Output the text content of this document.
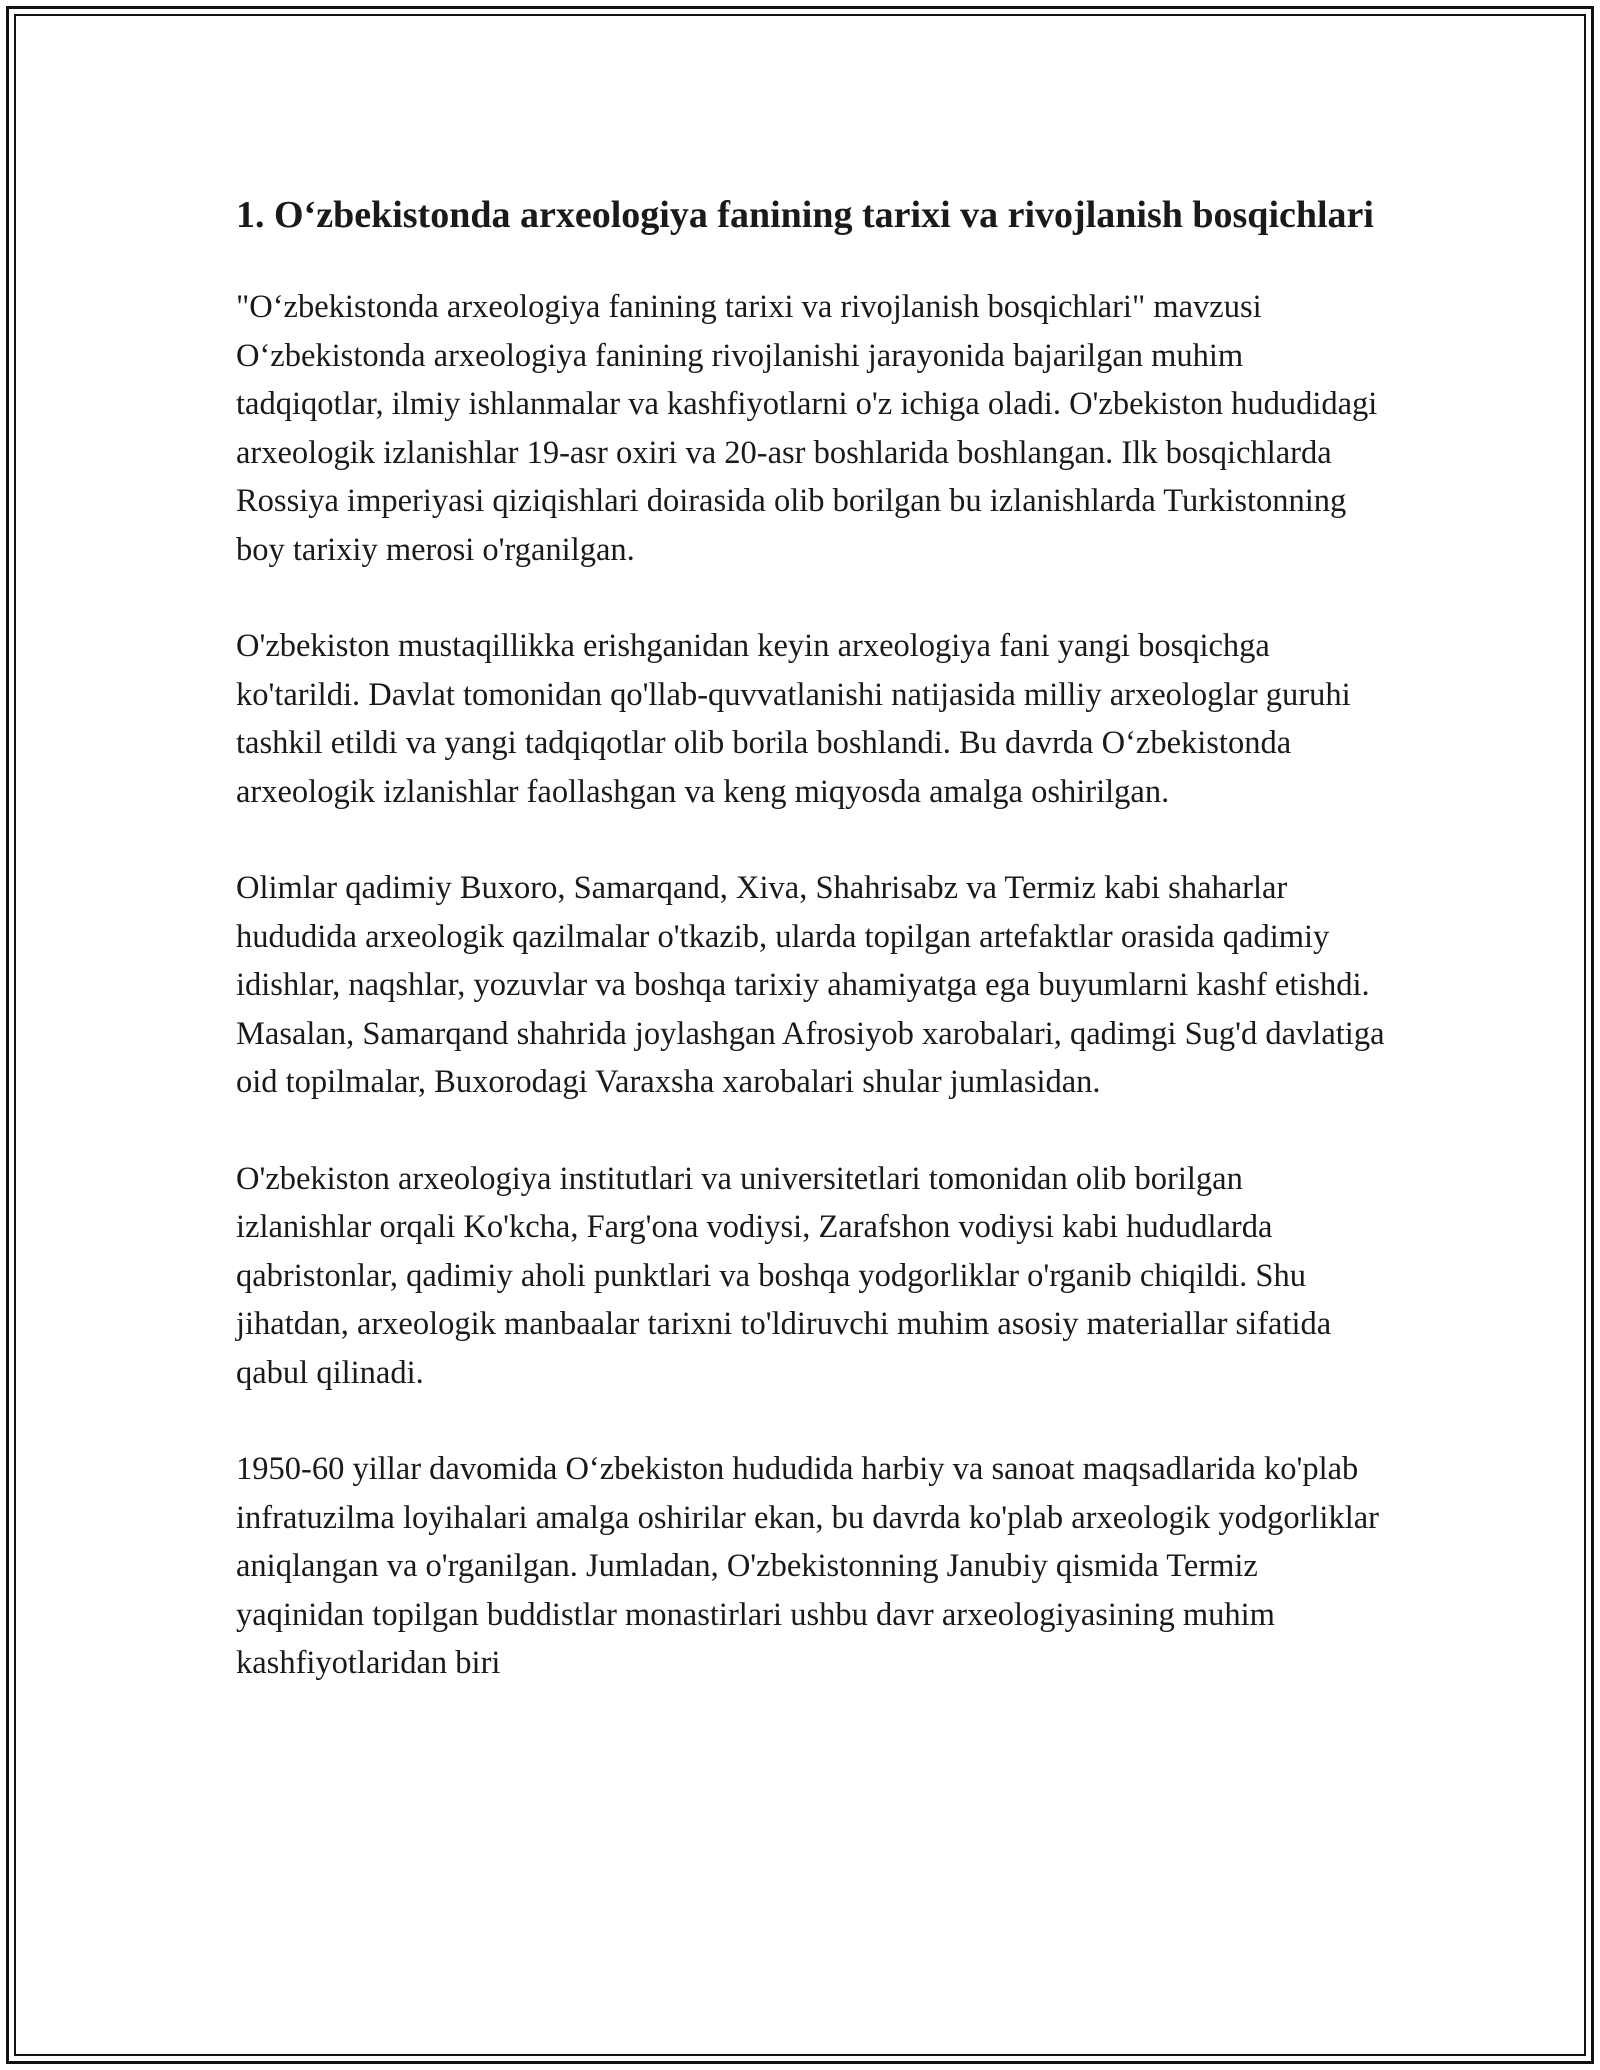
1. O‘zbekistonda arxeologiya fanining tarixi va rivojlanish bosqichlari

"O‘zbekistonda arxeologiya fanining tarixi va rivojlanish bosqichlari" mavzusi O‘zbekistonda arxeologiya fanining rivojlanishi jarayonida bajarilgan muhim tadqiqotlar, ilmiy ishlanmalar va kashfiyotlarni o'z ichiga oladi. O'zbekiston hududidagi arxeologik izlanishlar 19-asr oxiri va 20-asr boshlarida boshlangan. Ilk bosqichlarda Rossiya imperiyasi qiziqishlari doirasida olib borilgan bu izlanishlarda Turkistonning boy tarixiy merosi o'rganilgan.

O'zbekiston mustaqillikka erishganidan keyin arxeologiya fani yangi bosqichga ko'tarildi. Davlat tomonidan qo'llab-quvvatlanishi natijasida milliy arxeologlar guruhi tashkil etildi va yangi tadqiqotlar olib borila boshlandi. Bu davrda O‘zbekistonda arxeologik izlanishlar faollashgan va keng miqyosda amalga oshirilgan.

Olimlar qadimiy Buxoro, Samarqand, Xiva, Shahrisabz va Termiz kabi shaharlar hududida arxeologik qazilmalar o'tkazib, ularda topilgan artefaktlar orasida qadimiy idishlar, naqshlar, yozuvlar va boshqa tarixiy ahamiyatga ega buyumlarni kashf etishdi. Masalan, Samarqand shahrida joylashgan Afrosiyob xarobalari, qadimgi Sug'd davlatiga oid topilmalar, Buxorodagi Varaxsha xarobalari shular jumlasidan.

O'zbekiston arxeologiya institutlari va universitetlari tomonidan olib borilgan izlanishlar orqali Ko'kcha, Farg'ona vodiysi, Zarafshon vodiysi kabi hududlarda qabristonlar, qadimiy aholi punktlari va boshqa yodgorliklar o'rganib chiqildi. Shu jihatdan, arxeologik manbaalar tarixni to'ldiruvchi muhim asosiy materiallar sifatida qabul qilinadi.

1950-60 yillar davomida O‘zbekiston hududida harbiy va sanoat maqsadlarida ko'plab infratuzilma loyihalari amalga oshirilar ekan, bu davrda ko'plab arxeologik yodgorliklar aniqlangan va o'rganilgan. Jumladan, O'zbekistonning Janubiy qismida Termiz yaqinidan topilgan buddistlar monastirlari ushbu davr arxeologiyasining muhim kashfiyotlaridan biri
